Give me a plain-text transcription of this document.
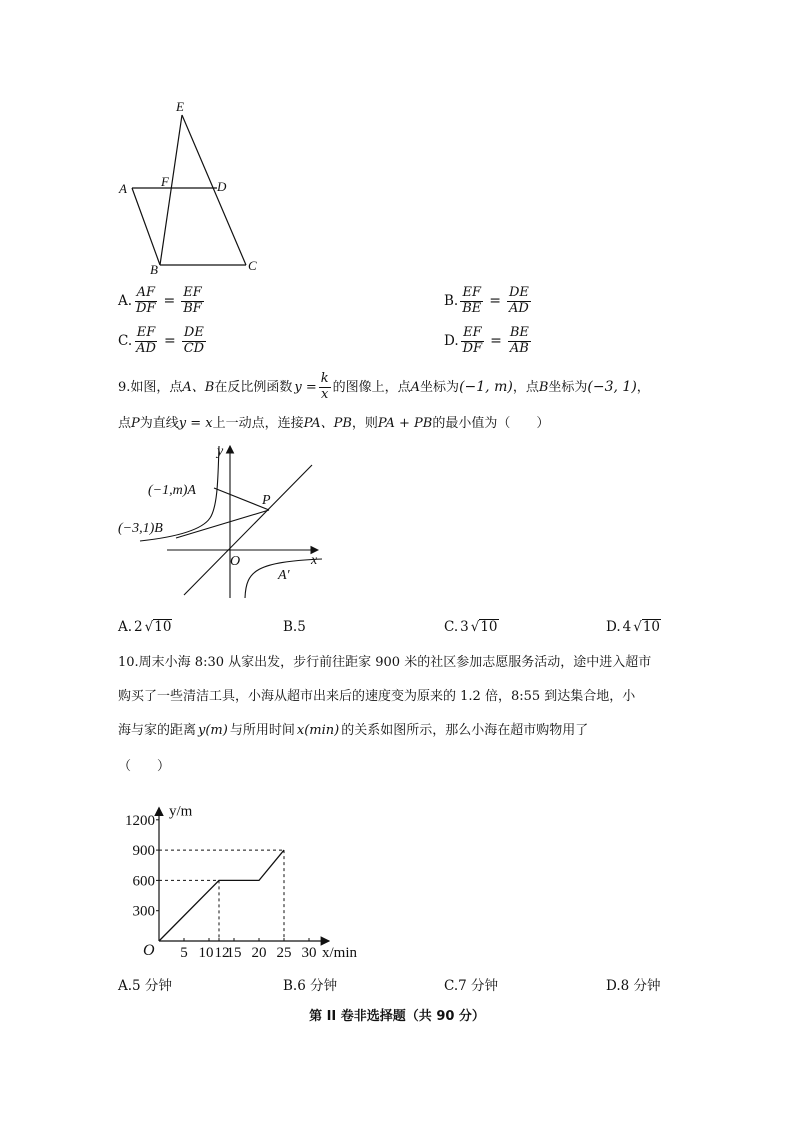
E
A	F	D
B	C
A. $\frac{AF}{DF} = \frac{EF}{BF}$	B. $\frac{EF}{BE} = \frac{DE}{AD}$
C. $\frac{EF}{AD} = \frac{DE}{CD}$	D. $\frac{EF}{DF} = \frac{BE}{AB}$
9.如图，点 A、B 在反比例函数 $y = \frac{k}{x}$ 的图像上，点 A 坐标为 (−1, m) ，点 B 坐标为 (−3, 1) ，
点P为直线y = x上一动点，连接PA、PB，则PA + PB的最小值为（　　）
y
x
O
(−1,m)A
(−3,1)B
P
A′
A. 2 √10	B.5	C. 3 √10	D. 4 √10
10.周末小海 8:30 从家出发，步行前往距家 900 米的社区参加志愿服务活动，途中进入超市
购买了一些清洁工具，小海从超市出来后的速度变为原来的 1.2 倍，8:55 到达集合地，小
海与家的距离 y(m) 与所用时间 x(min) 的关系如图所示，那么小海在超市购物用了
（　　）
300
600
900
1200
5 10 12
15 20 25 30
O
y/m
x/min
A.5 分钟	B.6 分钟	C.7 分钟	D.8 分钟
第 II 卷非选择题（共 90 分）
